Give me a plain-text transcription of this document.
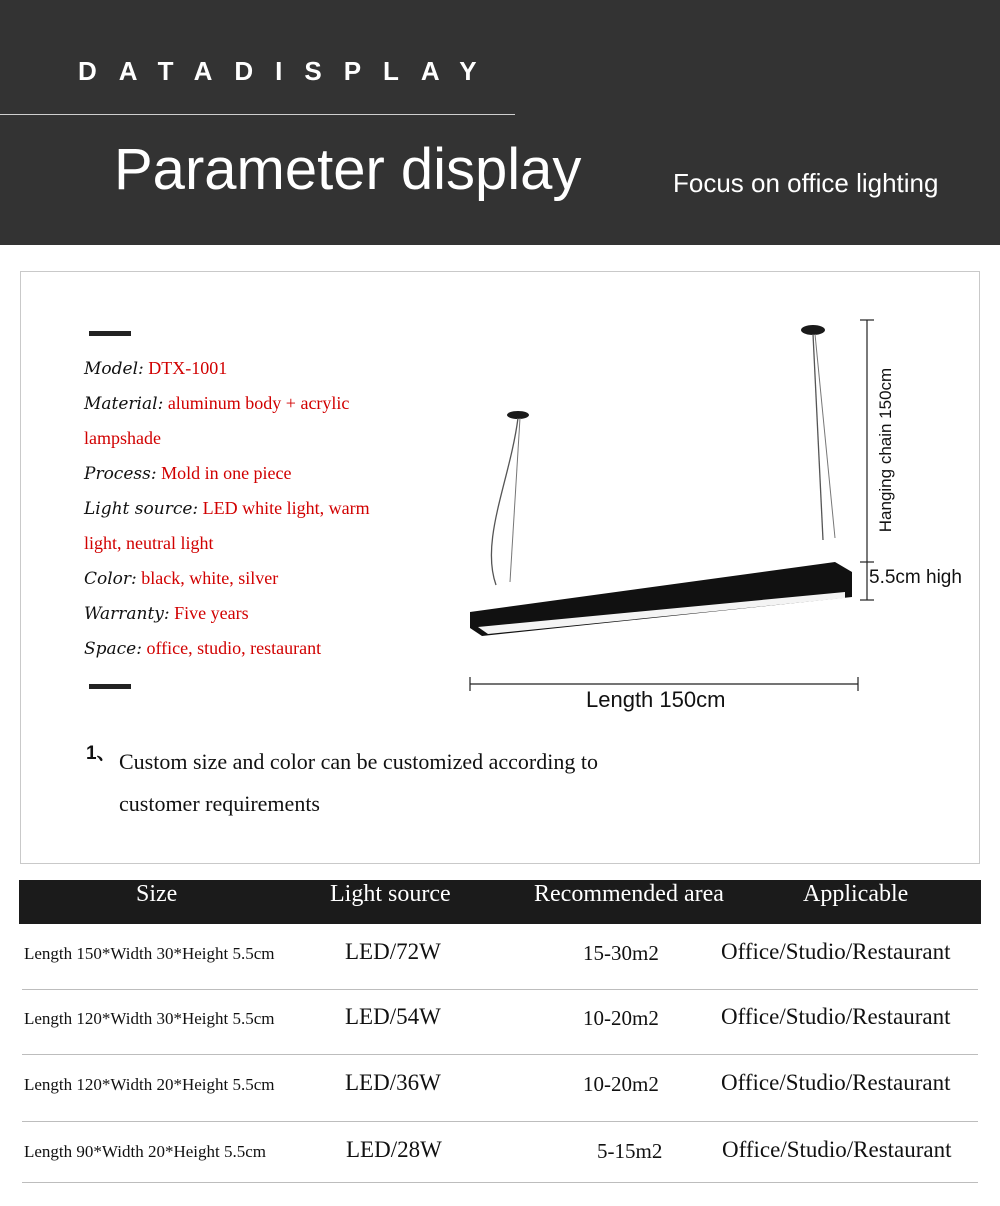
DATADISPLAY
Parameter display	Focus on office lighting
Model: DTX-1001
Material: aluminum body + acrylic
lampshade
Process: Mold in one piece
Light source: LED white light, warm
light, neutral light
Color: black, white, silver
Warranty: Five years
Space: office, studio, restaurant
1、 Custom size and color can be customized according to
customer requirements
Hanging chain 150cm
5.5cm high
Length 150cm
Size	Light source	Recommended area	Applicable
Length 150*Width 30*Height 5.5cm	LED/72W	15-30m2	Office/Studio/Restaurant
Length 120*Width 30*Height 5.5cm	LED/54W	10-20m2	Office/Studio/Restaurant
Length 120*Width 20*Height 5.5cm	LED/36W	10-20m2	Office/Studio/Restaurant
Length 90*Width 20*Height 5.5cm	LED/28W	5-15m2	Office/Studio/Restaurant
